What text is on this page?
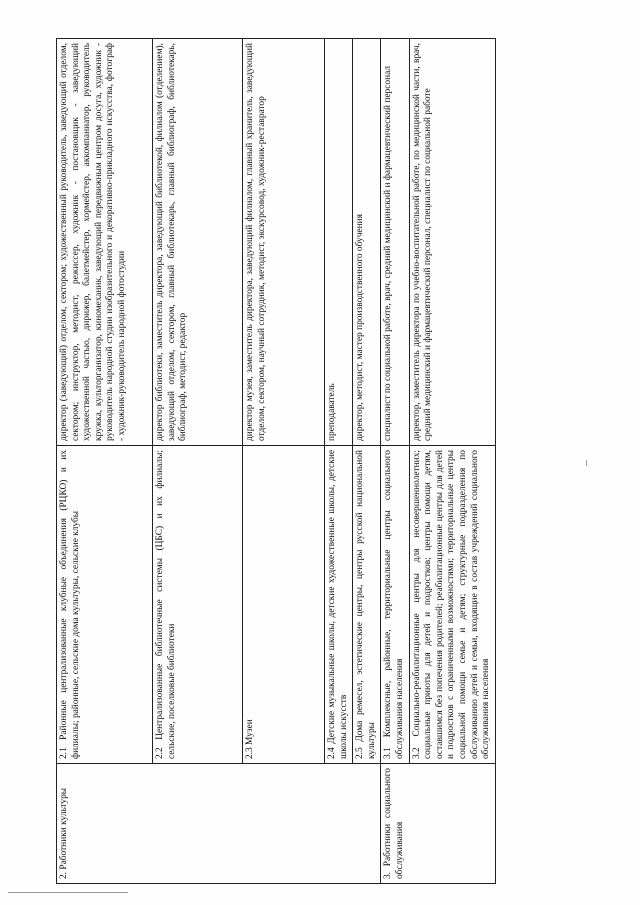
2. Работники культуры	2.1 Районные централизованные клубные объединения (РЦКО) и их филиалы; районные, сельские дома культуры, сельские клубы	директор (заведующий) отделом, сектором; художественный руководитель, заведующий отделом, сектором; инструктор, методист, режиссер, художник - постановщик - заведующий художественной частью, дирижер, балетмейстер, хормейстер, аккомпаниатор, руководитель кружка, культорганизатор, киномеханик, заведующий передвижным центром досуга, художник - руководитель народной студии изобразительного и декоративно-прикладного искусства, фотограф - художник-руководитель народной фотостудии
	2.2 Централизованные библиотечные системы (ЦБС) и их филиалы; сельские, поселковые библиотеки	директор библиотеки, заместитель директора, заведующий библиотекой, филиалом (отделением), заведующий отделом, сектором, главный библиотекарь, главный библиограф, библиотекарь, библиограф, методист, редактор
	2.3 Музеи	директор музея, заместитель директора, заведующий филиалом, главный хранитель, заведующий отделом, сектором, научный сотрудник, методист, экскурсовод, художник-реставратор
	2.4 Детские музыкальные школы, детские художественные школы, детские школы искусств	преподаватель
	2.5 Дома ремесел, эстетические центры, центры русской национальной культуры	директор, методист, мастер производственного обучения
3. Работники социального обслуживания	3.1 Комплексные, районные, территориальные центры социального обслуживания населения	специалист по социальной работе, врач, средний медицинский и фармацевтический персонал
	3.2 Социально-реабилитационные центры для несовершеннолетних; социальные приюты для детей и подростков; центры помощи детям, оставшимся без попечения родителей; реабилитационные центры для детей и подростков с ограниченными возможностями; территориальные центры социальной помощи семье и детям; структурные подразделения по обслуживанию детей и семьи, входящие в состав учреждений социального обслуживания населения	директор, заместитель директора по учебно-воспитательной работе, по медицинской части, врач, средний медицинский и фармацевтический персонал, специалист по социальной работе
